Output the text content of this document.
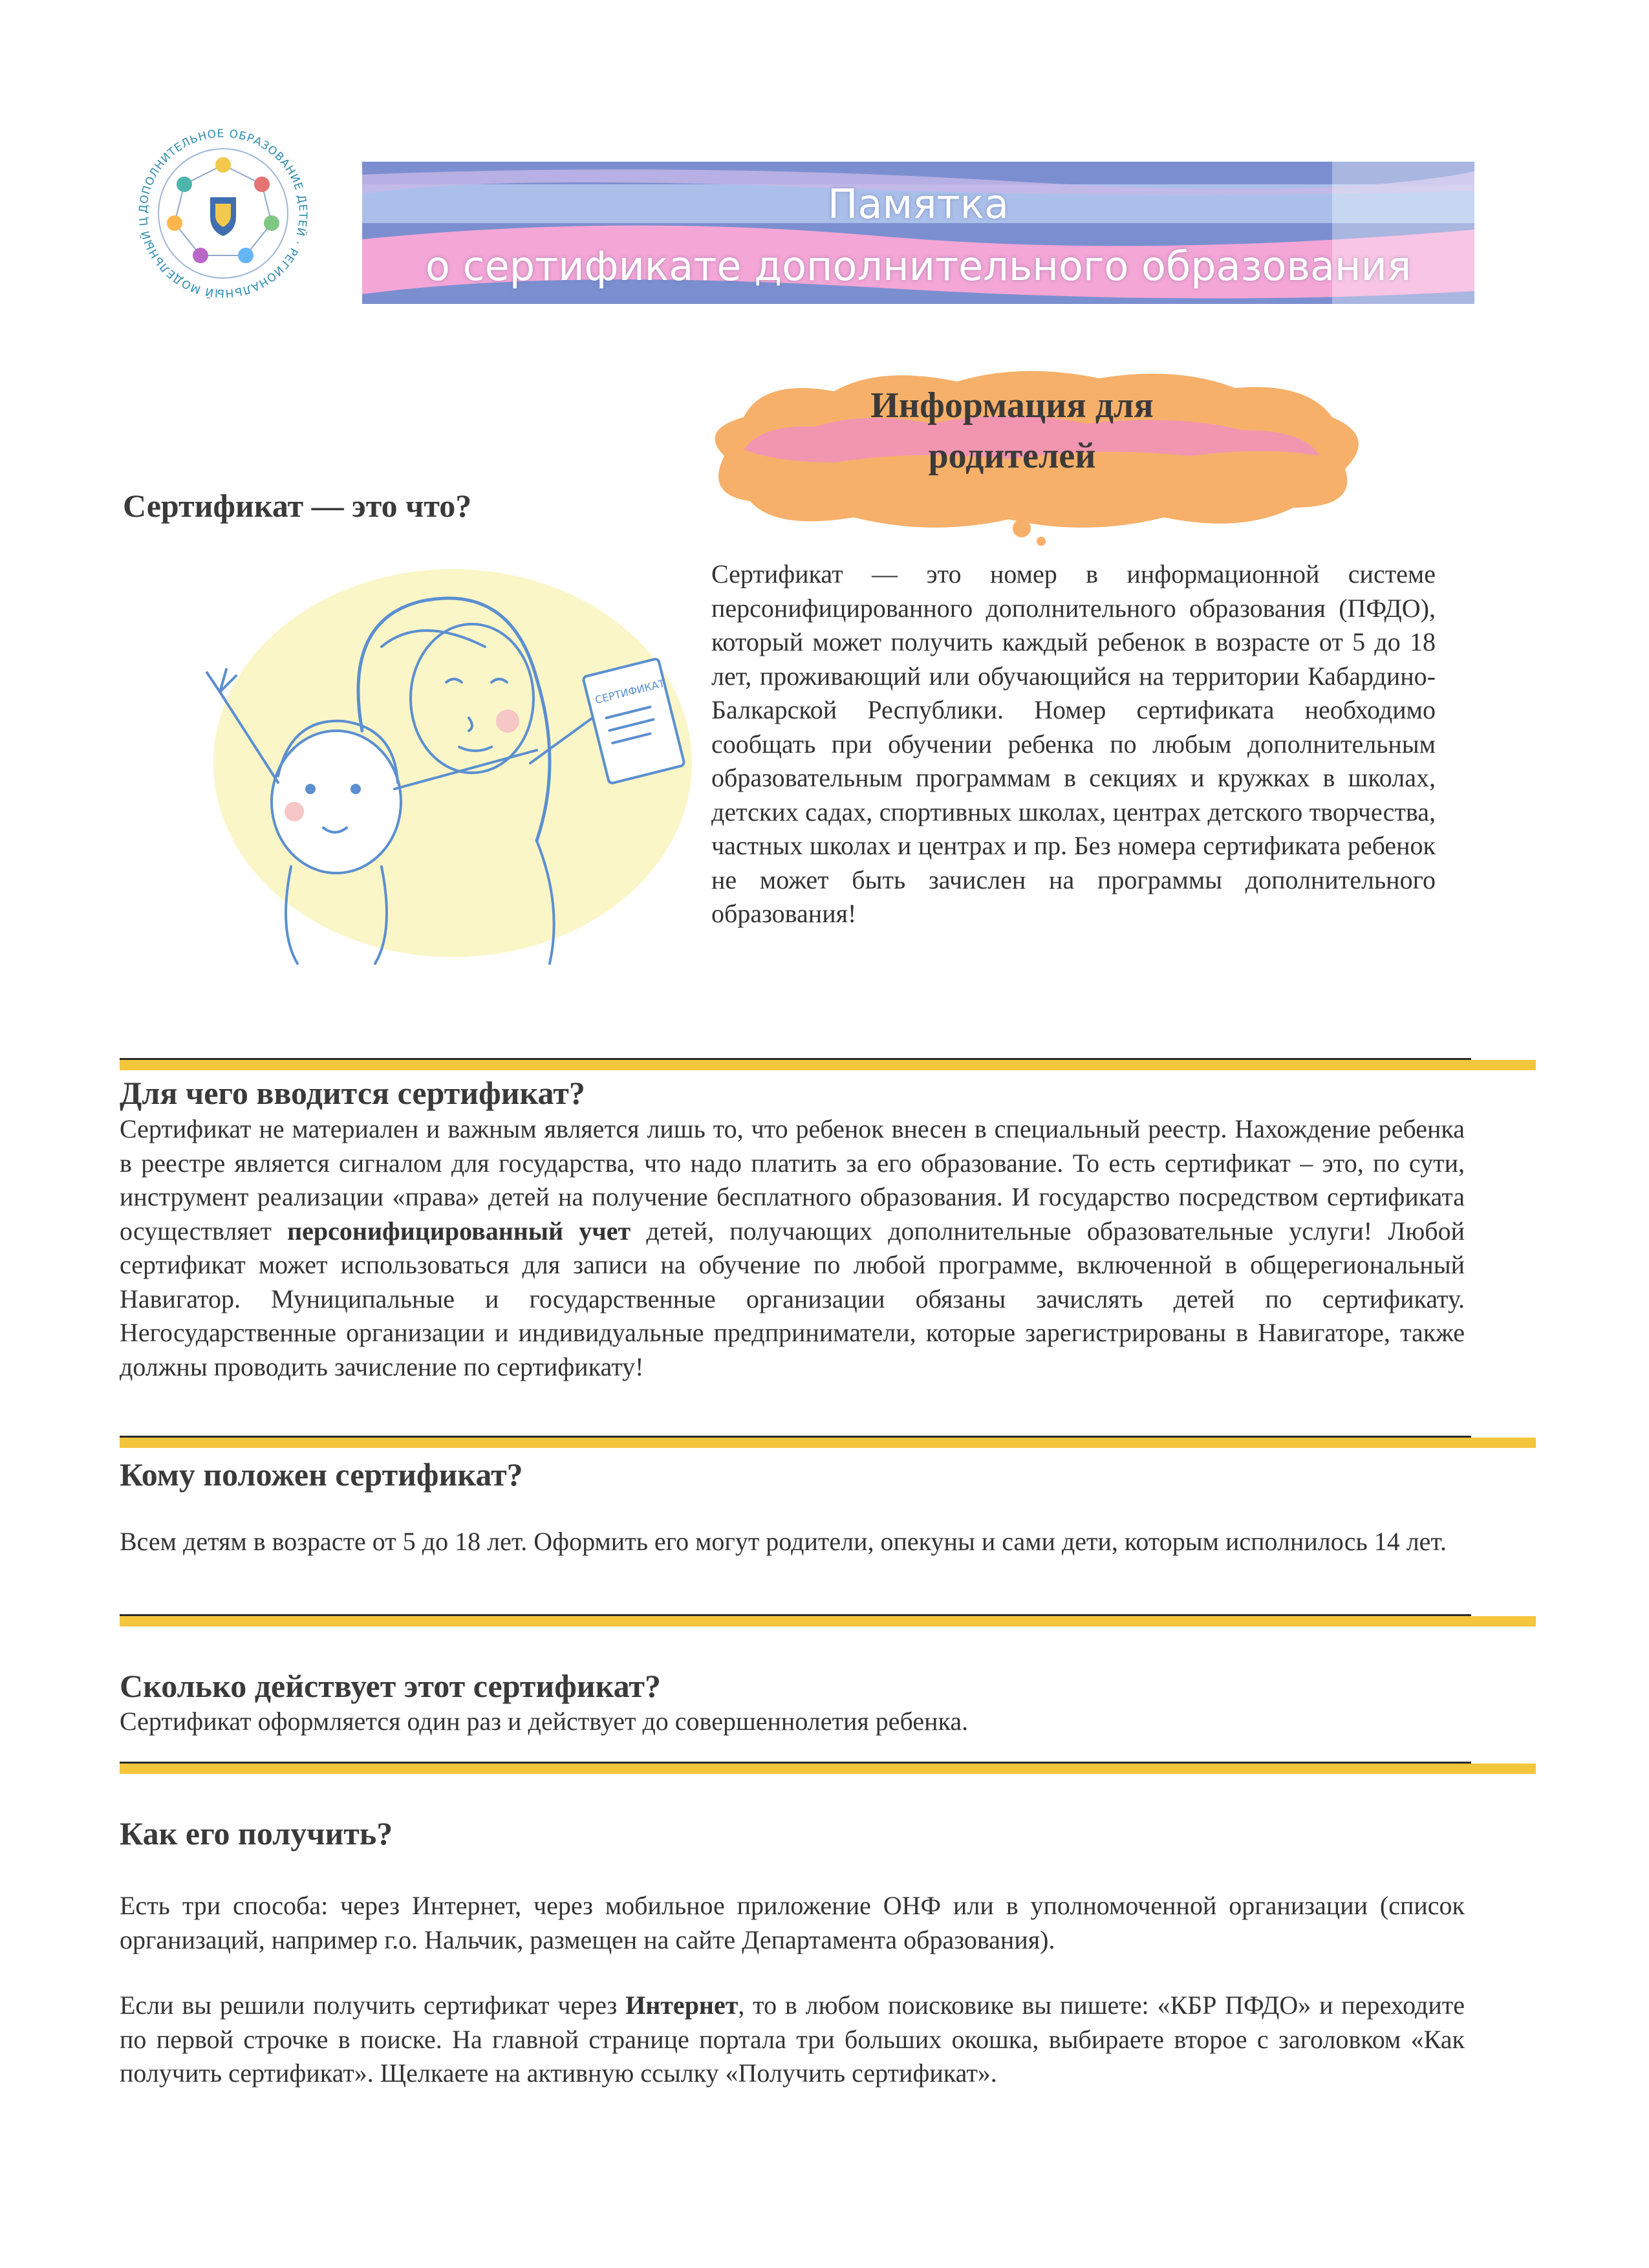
ДОПОЛНИТЕЛЬНОЕ ОБРАЗОВАНИЕ ДЕТЕЙ · РЕГИОНАЛЬНЫЙ МОДЕЛЬНЫЙ Ц	Памятка
о сертификате дополнительного образования
Информация для
родителей
Сертификат — это что?
СЕРТИФИКАТ
Сертификат — это номер в информационной системе персонифицированного дополнительного образования (ПФДО), который может получить каждый ребенок в возрасте от 5 до 18 лет, проживающий или обучающийся на территории Кабардино-Балкарской Республики. Номер сертификата необходимо сообщать при обучении ребенка по любым дополнительным образовательным программам в секциях и кружках в школах, детских садах, спортивных школах, центрах детского творчества, частных школах и центрах и пр. Без номера сертификата ребенок не может быть зачислен на программы дополнительного образования!
Для чего вводится сертификат?
Сертификат не материален и важным является лишь то, что ребенок внесен в специальный реестр. Нахождение ребенка в реестре является сигналом для государства, что надо платить за его образование. То есть сертификат – это, по сути, инструмент реализации «права» детей на получение бесплатного образования. И государство посредством сертификата осуществляет персонифицированный учет детей, получающих дополнительные образовательные услуги! Любой сертификат может использоваться для записи на обучение по любой программе, включенной в общерегиональный Навигатор. Муниципальные и государственные организации обязаны зачислять детей по сертификату. Негосударственные организации и индивидуальные предприниматели, которые зарегистрированы в Навигаторе, также должны проводить зачисление по сертификату!
Кому положен сертификат?
Всем детям в возрасте от 5 до 18 лет. Оформить его могут родители, опекуны и сами дети, которым исполнилось 14 лет.
Сколько действует этот сертификат?
Сертификат оформляется один раз и действует до совершеннолетия ребенка.
Как его получить?
Есть три способа: через Интернет, через мобильное приложение ОНФ или в уполномоченной организации (список организаций, например г.о. Нальчик, размещен на сайте Департамента образования).
Если вы решили получить сертификат через Интернет, то в любом поисковике вы пишете: «КБР ПФДО» и переходите по первой строчке в поиске. На главной странице портала три больших окошка, выбираете второе с заголовком «Как получить сертификат». Щелкаете на активную ссылку «Получить сертификат».
